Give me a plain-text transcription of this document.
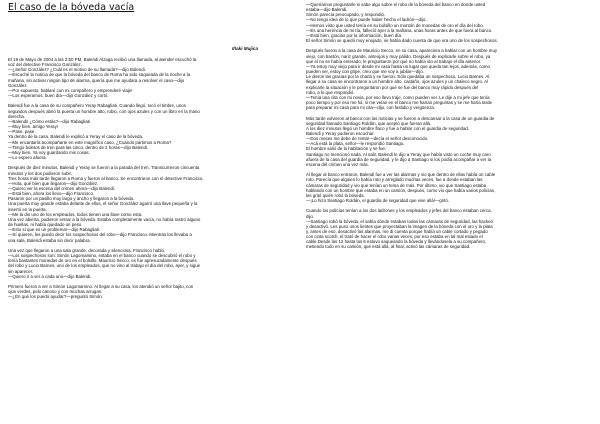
El caso de la bóveda vacía
Iñaki Mujica

El 19 de Mayo de 2004 a las 2:50 PM, Balendi Alzaga recibió una llamada, al atender escuchó la
voz del detective Francisco González.
—¿Señor González? ¿Cuál es el motivo de su llamada?—dijo Balendi.
—Escuché la noticia de que la bóveda del banco de Roma ha sido saqueada de la noche a la
mañana, sin activar ningún tipo de alarma, quería que me ayudara a resolver el caso—dijo
González.
—Por supuesto, hablaré con mi compañero y emprenderé viaje!
—Los esperamos, buen día—dijo González y cortó.

Balendi fue a la casa de su compañero Yeray Rabagliati. Cuando llegó, tocó el timbre, unos
segundos después abrió la puerta un hombre alto, rubio, con ojos azules y con un libro en la mano
derecha.
—Balendi! ¿Cómo estás?—dijo Rabagliati
—Muy bien, amigo Yeray!
—Pase, pase.
Ya dentro de la casa, Balendi le explicó a Yeray el caso de la bóveda.
—Me encantaría acompañarte en este magnífico caso. ¿Cuándo partimos a Roma?
—Tengo boletos de tren para las cinco, dentro de 2 horas—dijo Balendi.
—Muy bien. Ya voy guardando mis cosas.
—Lo espero afuera.

Después de diez minutos, Balendi y Yeray se fueron a la parada del tren. Transcurrieron cincuenta
minutos y los dos pudieron subir.
Tres horas más tarde llegaron a Roma y fueron al banco. Se encontraron con el detective Francisco.
—Hola, qué bien que llegaron—dijo González.
—Quiero ver la escena del crimen ahora—dijo Balendi.
—Está bien, ahora los llevo—dijo Francisco.
Pasaron por un pasillo muy largo y ancho y llegaron a la bóveda.
Una puerta muy grande estaba delante de ellos, el señor González agarró una llave pequeña y la
insertó en la puerta.
—Me la dio uno de los empleados, todos tienen una llave como esta.
Una vez abierta, pudieron entrar a la bóveda. Estaba completamente vacía, no había rastro alguno
de huellas, ni había quedado un peso.
—Esto sí que es un problema!—dijo Rabagliati.
—Sí quieren, les puedo decir los sospechosos del robo—dijo Francisco. Mientras los llevaba a
una sala, Balendi estaba sin decir palabra.

Una vez que llegaron a una sala grande, decorada y silenciosa, Francisco habló.
—Los sospechosos son: Simón Lagomarsino, estaba en el banco cuando se descubrió el robo y
tenía bastantes monedas de oro en el bolsillo. Mauricio Secco, es fue apresuradamente después
del robo y Lucio Barnes, uno de los empleados, que no vino al trabajo el día del robo, ayer, y sigue
sin aparecer.
—Quiero ir a ver a cada uno—dijo Balendi.

Primero fueron a ver a Simón Lagomarsino. Al llegar a su casa, los atendió un señor bajito, con
ojos verdes, pelo canoso y con muchas arrugas.
—¿En qué los puedo ayudar?—preguntó Simón.

—Queríamos preguntarle si sabe algo sobre el robo de la bóveda del banco en donde usted
estaba—dijo Balendi.
Simón parecía preocupado, y respondió.
—No tengo idea de lo que puede haber hecho el ladrón—dijo.
—Hemos visto que usted tenía en su bolsillo un montón de monedas de oro el día del robo.
—Es una herencia de mi tía, falleció ayer a la mañana, unas horas antes de que fuera al banco.
—Está bien, gracias por la información, buen día.
El señor Simón se quedó muy enojado, se había dado cuenta de que era uno de los sospechosos.

Después fueron a la casa de Mauricio Secco, en su casa, apareciera a hablar con un hombre muy
viejo, con bastón, nariz grande, anteojos y muy pálido. Después de explicarle sobre el robo, ya
que el no se había enterado, le preguntaron por qué no había ido al trabajo el día anterior.
—Ya estoy muy viejo para ir desde mi casa hasta un lugar que queda tan lejos, además, como
pueden ver, estoy con gripe, creo que me voy a jubilar—dijo.
Le dieron las gracias por la charla y se fueron. Sólo quedaba un sospechoso, Lucio Barnes. Al
llegar a su casa se encontraron a un hombre alto, castaño, ojos azules y un chaleco negro. Al
explicarle la situación y le preguntaron por qué se fue del banco muy rápido después del
robo, a lo que respondió.
—Tenía una cita con mi novia, por eso llevo traje, como pueden ver. Le dije a mi jefe que tenía
poco tiempo y por eso me fui, si me veían en el banco me harían preguntas y se me haría tarde
para preparar mi casa para mi cita—dijo, con fastidio y vergüenza.

Más tarde volvieron al banco con las noticias y se fueron a descansar a la casa de un guardia de
seguridad llamado Santiago Roldán, que aceptó que fueran allá.
A los diez minutos llegó un hombre flaco y fue a hablar con el guardia de seguridad.
Balendi y Yeray pudieron escuchar.
—Dos meses me debe de renta!—decía el señor desconocido.
—Acá está la plata, señor—le respondió Santiago.
El hombre salió de la habitación y se fue.
Santiago no mencionó nada. Al salir, Balendi le dijo a Yeray que había visto un coche muy caro
afuera de la casa del guardia de seguridad, y le dijo a Santiago si los podía acompañar a ver la
escena del crimen una vez más.

Al llegar al banco entraron, Balendi fue a ver las alarmas y vio que dentro de ellas había un cable
roto. Parecía que alguien lo había roto y arreglado muchas veces, fue a donde estaban las
cámaras de seguridad y vio que tenían un tema de más. Por último, vio que Santiago estaba
hablando con un hombre que estaba en un camión, después, como vio que había varios policías,
les gritó quién robó la bóveda.
—¡Lo hizo Santiago Roldán, el guardia de seguridad que vive allá!—gritó.

Cuando los policías tenían a los dos ladrones y los empleados y jefes del banco estaban cerca,
dijo.
—Santiago robó la bóveda, el sabía dónde estaban todas las cámaras de seguridad, las hackeó
y desactivó. Les puso unos lientes que proyectaban la imagen de la bóveda con el oro y la plata
y, antes de eso, desactivó las alarmas, me di cuenta porque había un cable cortado y pegado
con cinta scotch, el trató de hacer el robo varias veces, por eso estaba en tal mal estado el
cable.Desde las 12 hasta las 6 estuvo saqueando la bóveda y llevándosela a su compañero,
metiendo todo en su camión, que está allá, al final, activó las cámaras de seguridad.
